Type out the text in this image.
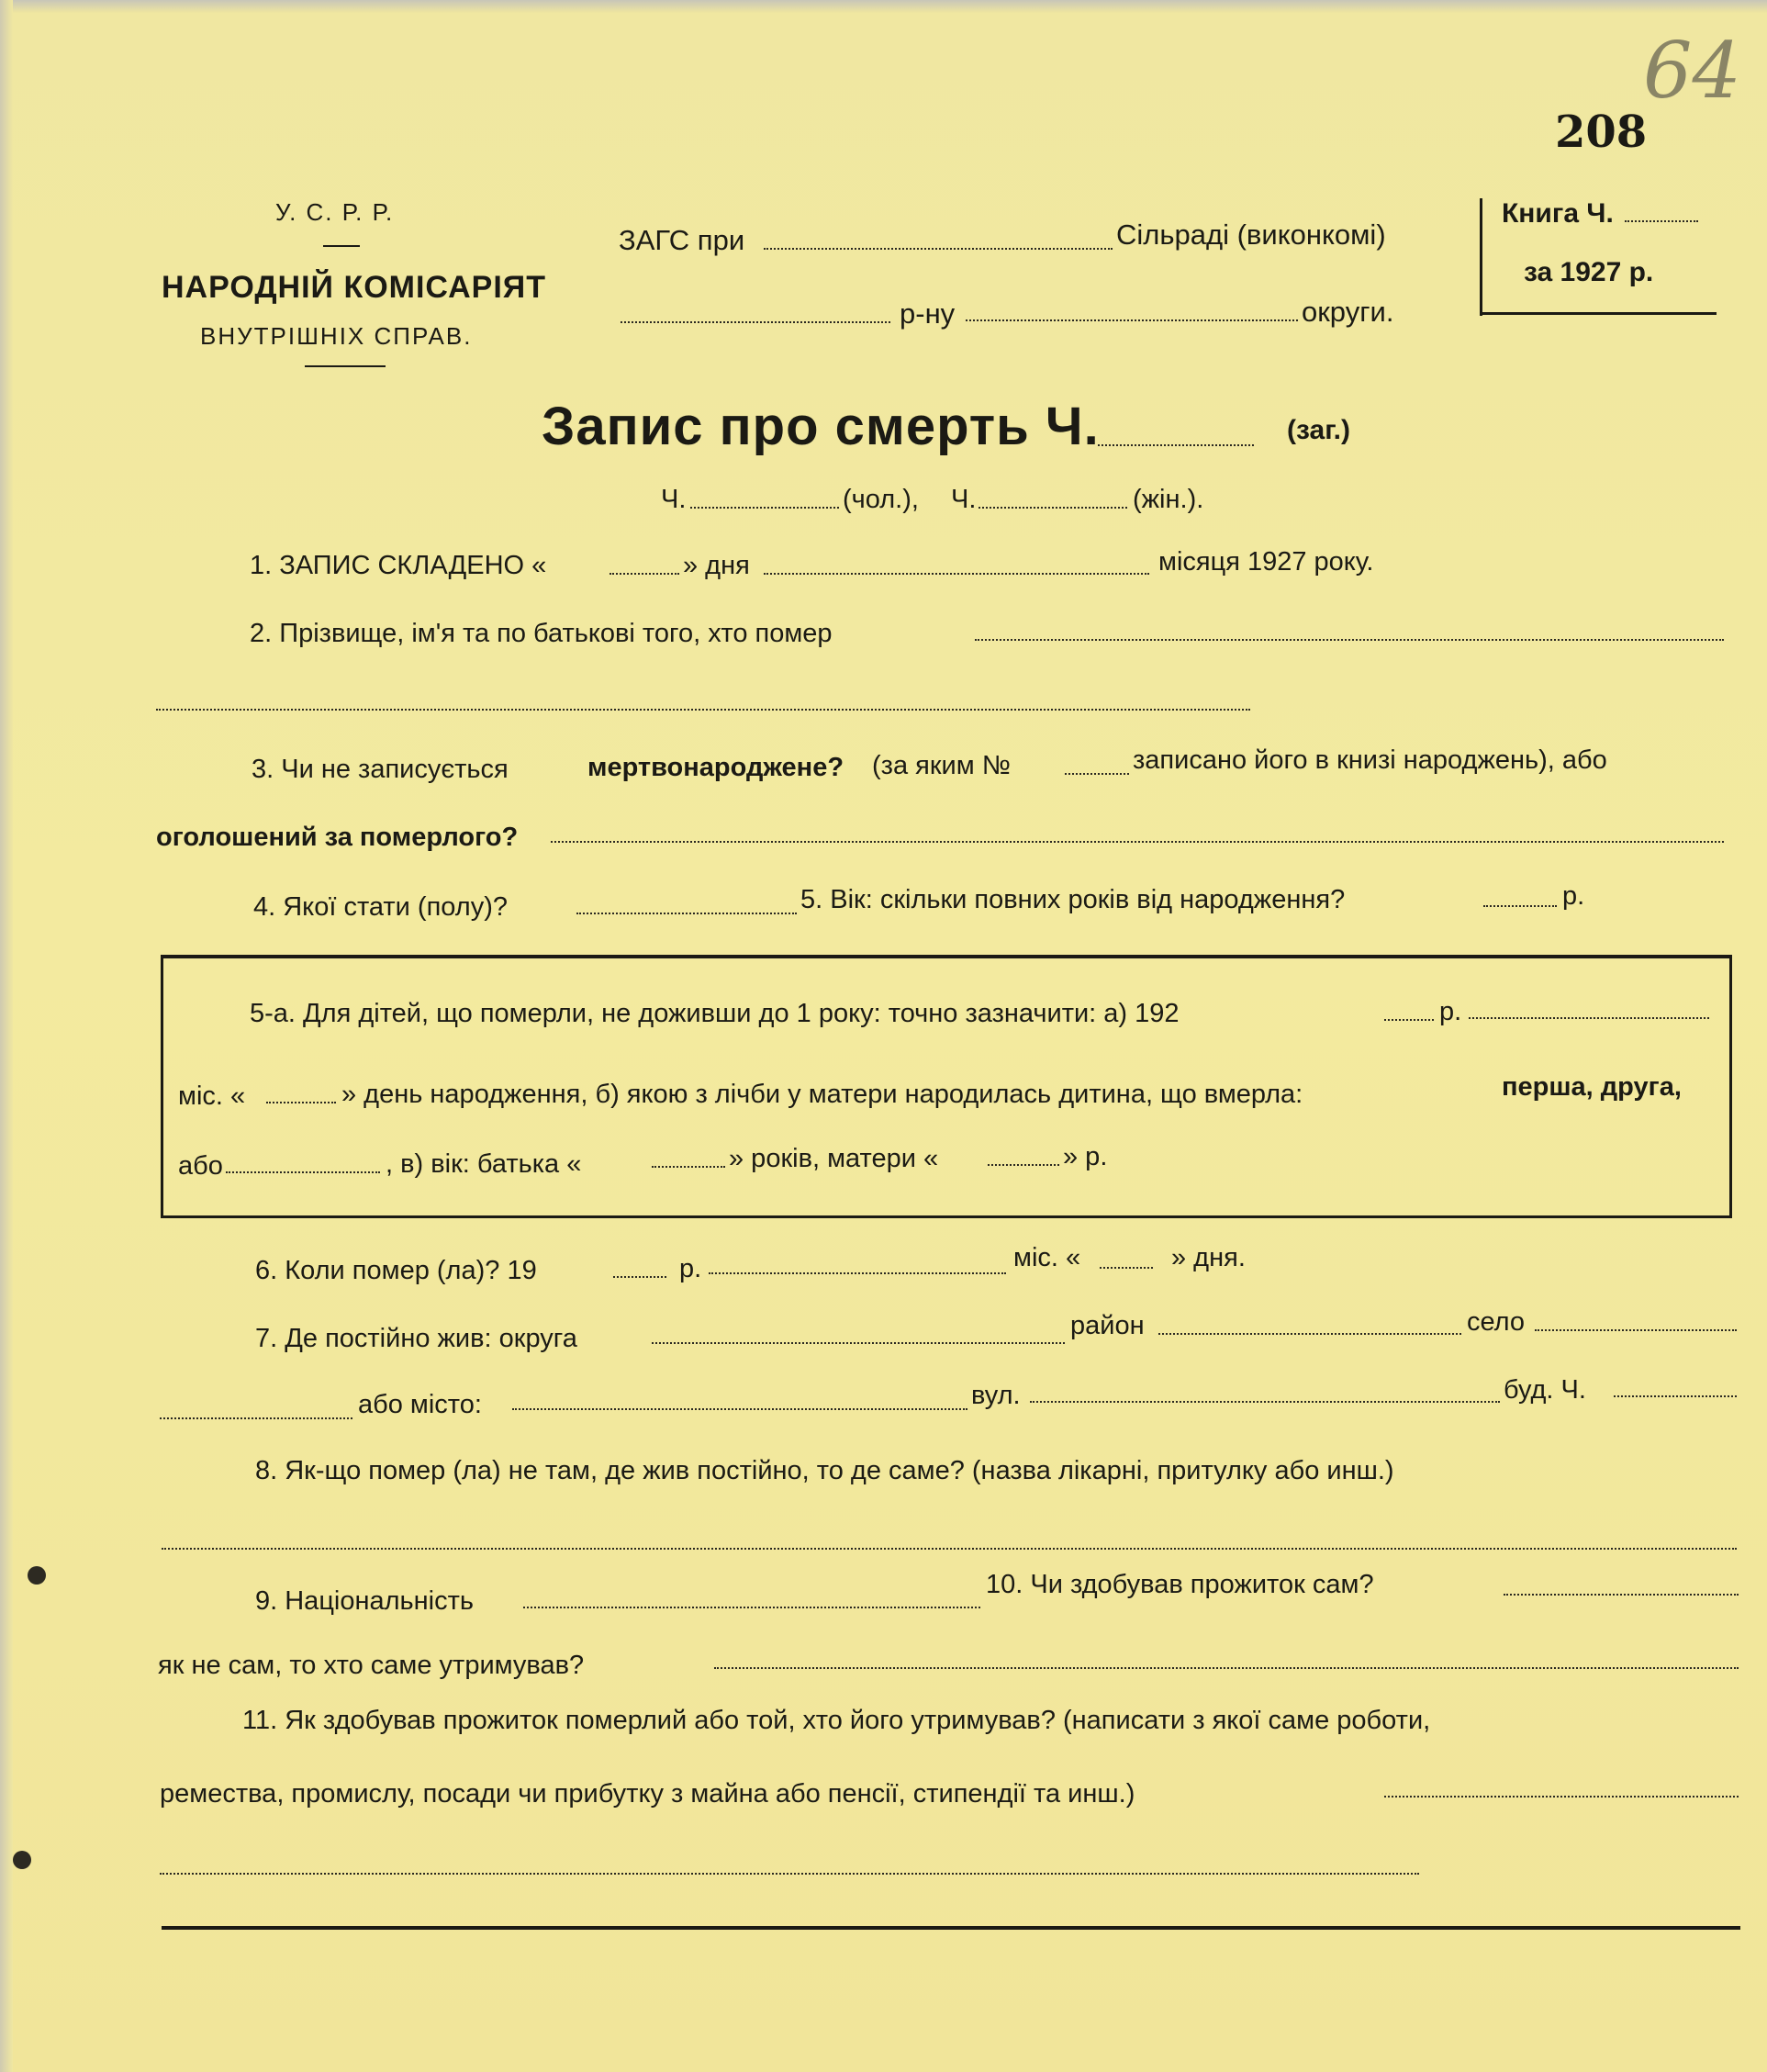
64
208
У. С. Р. Р.
НАРОДНІЙ КОМІСАРІЯТ
ВНУТРІШНІХ СПРАВ.
ЗАГС при	Сільраді (виконкомі)
р-ну	округи.
Книга Ч.
за 1927 р.
Запис про смерть Ч.	(заг.)
Ч.	(чол.), Ч.	(жін.).
1. ЗАПИС СКЛАДЕНО «	» дня	місяця 1927 року.
2. Прізвище, ім'я та по батькові того, хто помер
3. Чи не записується	мертвонароджене? (за яким №	записано його в книзі народжень), або
оголошений за померлого?
4. Якої стати (полу)?	5. Вік: скільки повних років від народження?	р.
5-а. Для дітей, що померли, не доживши до 1 року: точно зазначити: а) 192	р.
міс. «	» день народження, б) якою з лічби у матери народилась дитина, що вмерла:	перша, друга,
або	, в) вік: батька «	» років, матери «	» р.
6. Коли помер (ла)? 19	р.	міс. «	» дня.
7. Де постійно жив: округа	район	село
або місто:	вул.	буд. Ч.
8. Як-що помер (ла) не там, де жив постійно, то де саме? (назва лікарні, притулку або инш.)
9. Національність
10. Чи здобував прожиток сам?
як не сам, то хто саме утримував?
11. Як здобував прожиток померлий або той, хто його утримував? (написати з якої саме роботи,
ремества, промислу, посади чи прибутку з майна або пенсії, стипендії та инш.)
